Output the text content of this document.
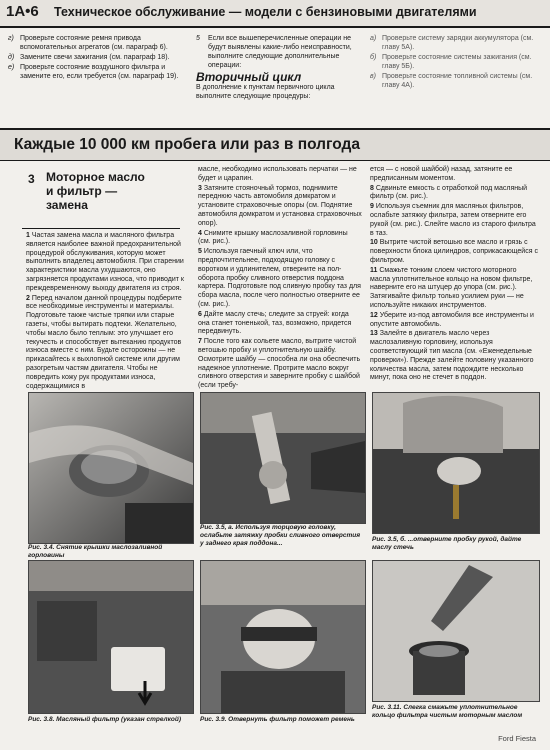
1A•6 Техническое обслуживание — модели с бензиновыми двигателями
г) Проверьте состояние ремня привода вспомогательных агрегатов (см. параграф 6).
д) Замените свечи зажигания (см. параграф 18).
е) Проверьте состояние воздушного фильтра и замените его, если требуется (см. параграф 19).
5	Если все вышеперечисленные операции не будут выявлены какие-либо неисправности, выполните следующие дополнительные операции:
Вторичный цикл
В дополнение к пунктам первичного цикла выполните следующие процедуры:
а) Проверьте систему зарядки аккумулятора (см. главу 5А).
б) Проверьте состояние системы зажигания (см. главу 5Б).
в) Проверьте состояние топливной системы (см. главу 4А).
Каждые 10 000 км пробега или раз в полгода
3 Моторное масло
и фильтр —
замена

1 Частая замена масла и масляного фильтра является наиболее важной предохранительной процедурой обслуживания, которую может выполнить владелец автомобиля. При старении характеристики масла ухудшаются, оно загрязняется продуктами износа, что приводит к преждевременному выходу двигателя из строя.

2 Перед началом данной процедуры подберите все необходимые инструменты и материалы. Подготовьте также чистые тряпки или старые газеты, чтобы вытирать подтеки. Желательно, чтобы масло было теплым: это улучшает его текучесть и способствует вытеканию продуктов износа вместе с ним. Будьте осторожны — не прикасайтесь к выхлопной системе или другим разогретым частям двигателя. Чтобы не повредить кожу рук продуктами износа, содержащимися в

масле, необходимо использовать перчатки — не будет и царапин.

3 Затяните стояночный тормоз, поднимите переднюю часть автомобиля домкратом и установите страховочные опоры (см. Поднятие автомобиля домкратом и установка страховочных опор).

4 Снимите крышку маслозаливной горловины (см. рис.).

5 Используя гаечный ключ или, что предпочтительнее, подходящую головку с воротком и удлинителем, отверните на пол-оборота пробку сливного отверстия поддона картера. Подготовьте под сливную пробку таз для сбора масла, после чего полностью отверните ее (см. рис.).

6 Дайте маслу стечь; следите за струей: когда она станет тоненькой, таз, возможно, придется передвинуть.

7 После того как сольете масло, вытрите чистой ветошью пробку и уплотнительную шайбу. Осмотрите шайбу — способна ли она обеспечить надежное уплотнение. Протрите масло вокруг сливного отверстия и заверните пробку с шайбой (если требу-

ется — с новой шайбой) назад, затяните ее предписанным моментом.

8 Сдвиньте емкость с отработкой под масляный фильтр (см. рис.).

9 Используя съемник для масляных фильтров, ослабьте затяжку фильтра, затем отверните его рукой (см. рис.). Слейте масло из старого фильтра в таз.

10 Вытрите чистой ветошью все масло и грязь с поверхности блока цилиндров, соприкасающейся с фильтром.

11 Смажьте тонким слоем чистого моторного масла уплотнительное кольцо на новом фильтре, наверните его на штуцер до упора (см. рис.). Затягивайте фильтр только усилием руки — не используйте никаких инструментов.

12 Уберите из-под автомобиля все инструменты и опустите автомобиль.

13 Залейте в двигатель масло через маслозаливную горловину, используя соответствующий тип масла (см. «Еженедельные проверки»). Прежде залейте половину указанного количества масла, затем подождите несколько минут, пока оно не стечет в поддон.

Рис. 3.4. Снятие крышки маслозаливной горловины
Рис. 3.5, а. Используя торцовую головку, ослабьте затяжку пробки сливного отверстия у заднего края поддона...
Рис. 3.5, б. ...отверните пробку рукой, дайте маслу стечь
Рис. 3.8. Масляный фильтр (указан стрелкой)	Рис. 3.9. Отвернуть фильтр поможет ремень
Рис. 3.11. Слегка смажьте уплотнительное кольцо фильтра чистым моторным маслом
Ford Fiesta
